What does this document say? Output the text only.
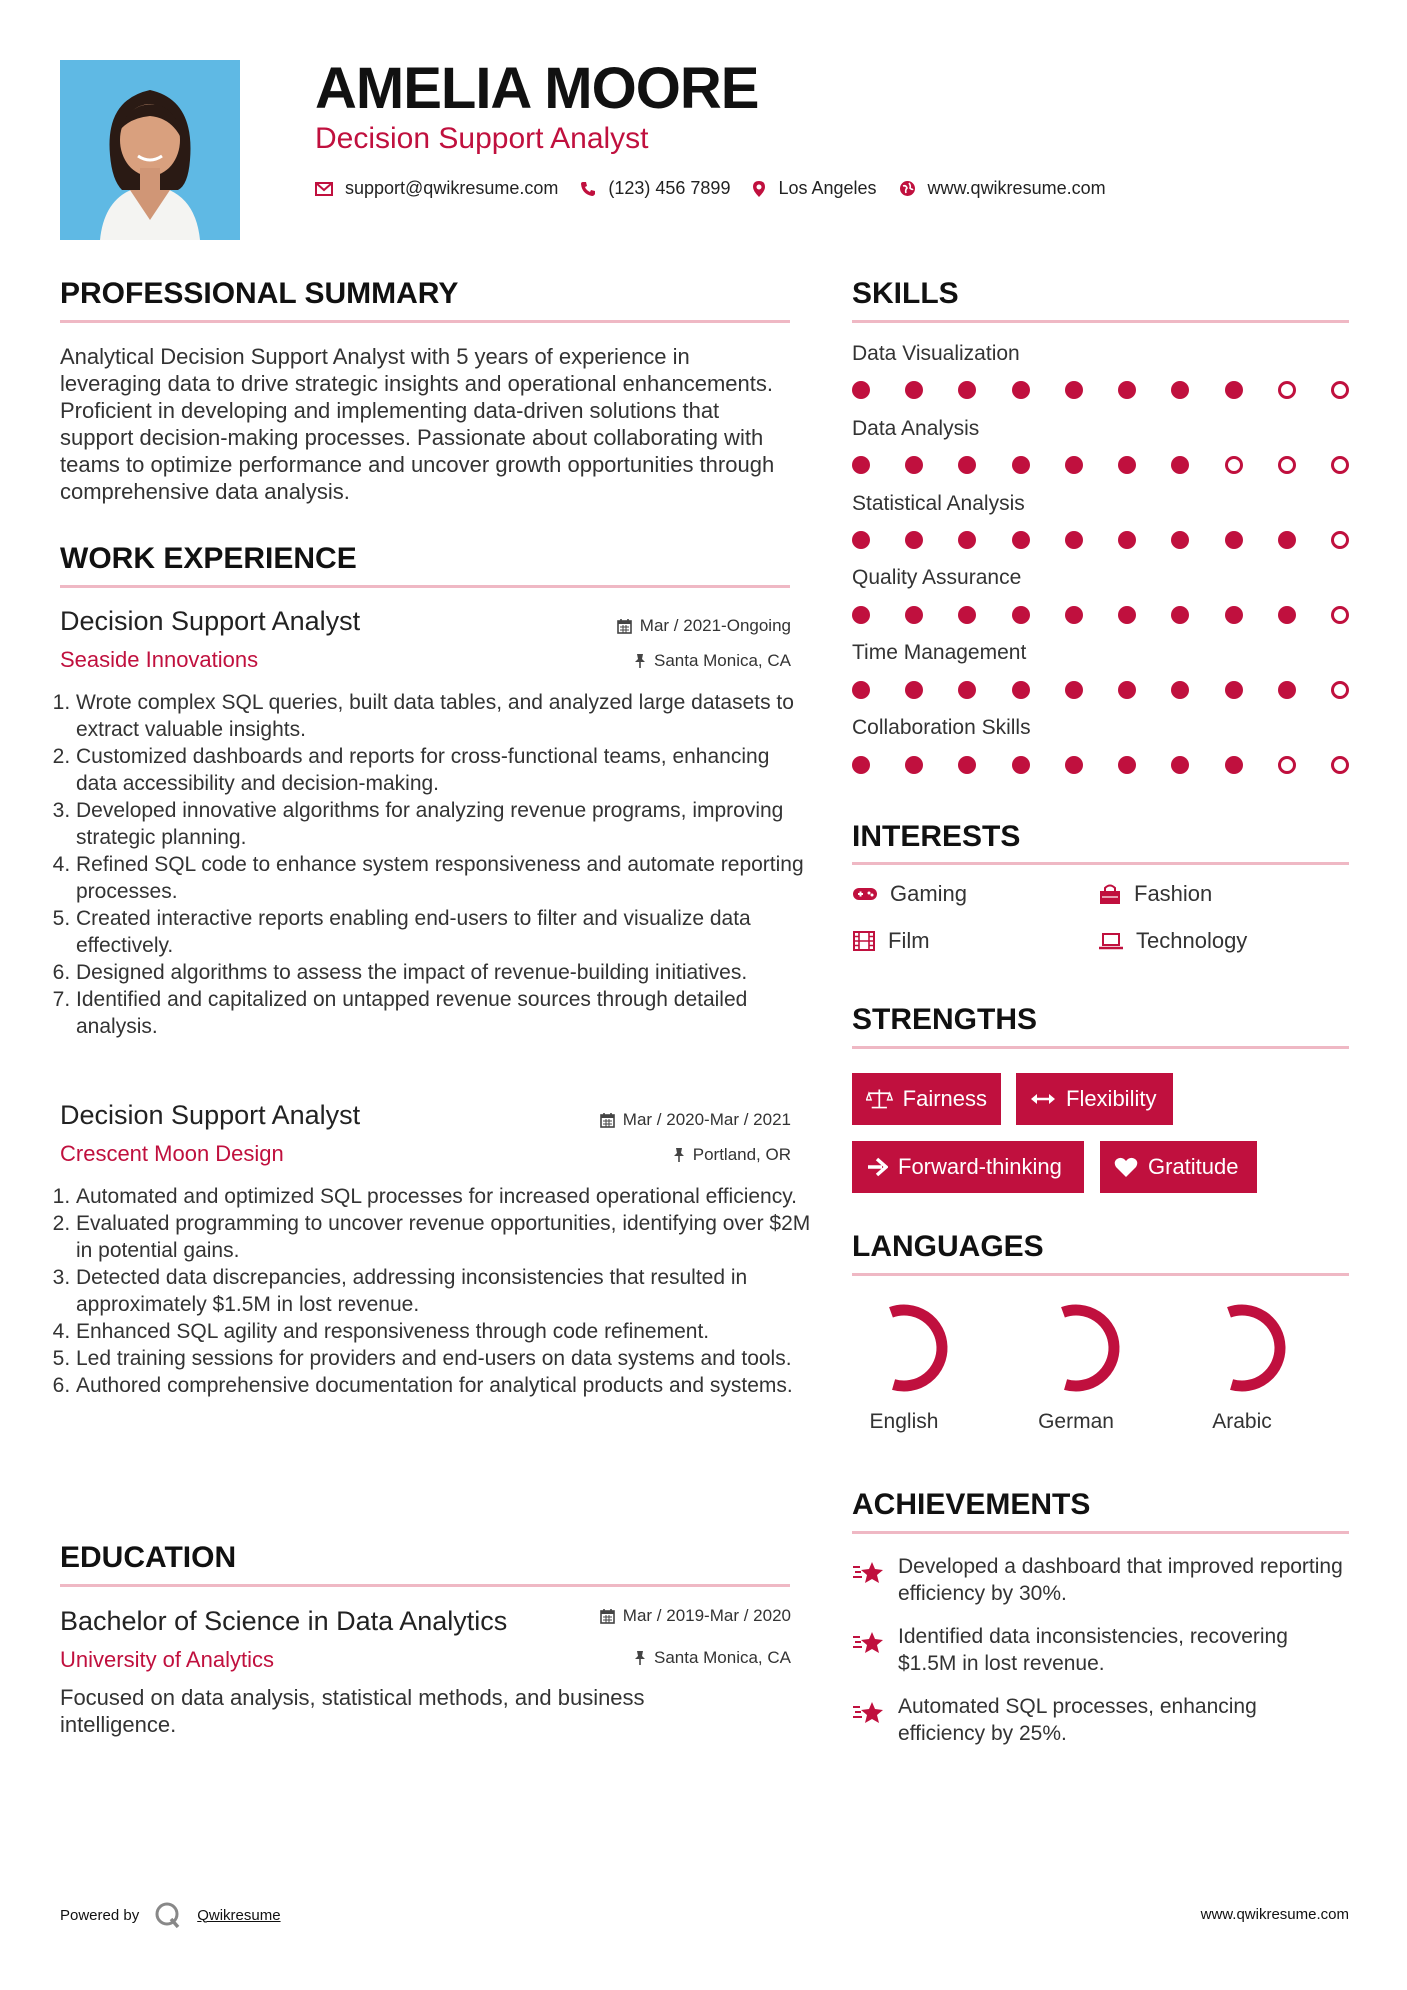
AMELIA MOORE
Decision Support Analyst
support@qwikresume.com	(123) 456 7899	Los Angeles	www.qwikresume.com
PROFESSIONAL SUMMARY
Analytical Decision Support Analyst with 5 years of experience in leveraging data to drive strategic insights and operational enhancements. Proficient in developing and implementing data-driven solutions that support decision-making processes. Passionate about collaborating with teams to optimize performance and uncover growth opportunities through comprehensive data analysis.
WORK EXPERIENCE
Decision Support Analyst
Seaside Innovations
Mar / 2021-Ongoing
Santa Monica, CA
1. Wrote complex SQL queries, built data tables, and analyzed large datasets to extract valuable insights.
2. Customized dashboards and reports for cross-functional teams, enhancing data accessibility and decision-making.
3. Developed innovative algorithms for analyzing revenue programs, improving strategic planning.
4. Refined SQL code to enhance system responsiveness and automate reporting processes.
5. Created interactive reports enabling end-users to filter and visualize data effectively.
6. Designed algorithms to assess the impact of revenue-building initiatives.
7. Identified and capitalized on untapped revenue sources through detailed analysis.
Decision Support Analyst
Crescent Moon Design
Mar / 2020-Mar / 2021
Portland, OR
1. Automated and optimized SQL processes for increased operational efficiency.
2. Evaluated programming to uncover revenue opportunities, identifying over $2M in potential gains.
3. Detected data discrepancies, addressing inconsistencies that resulted in approximately $1.5M in lost revenue.
4. Enhanced SQL agility and responsiveness through code refinement.
5. Led training sessions for providers and end-users on data systems and tools.
6. Authored comprehensive documentation for analytical products and systems.
EDUCATION
Bachelor of Science in Data Analytics
University of Analytics
Mar / 2019-Mar / 2020
Santa Monica, CA
Focused on data analysis, statistical methods, and business intelligence.
SKILLS
Data Visualization
Data Analysis
Statistical Analysis
Quality Assurance
Time Management
Collaboration Skills
INTERESTS
Gaming	Fashion
Film	Technology
STRENGTHS
Fairness	Flexibility
Forward-thinking	Gratitude
LANGUAGES
English	German	Arabic
ACHIEVEMENTS
Developed a dashboard that improved reporting efficiency by 30%.
Identified data inconsistencies, recovering $1.5M in lost revenue.
Automated SQL processes, enhancing efficiency by 25%.
Powered by	Qwikresume	www.qwikresume.com
